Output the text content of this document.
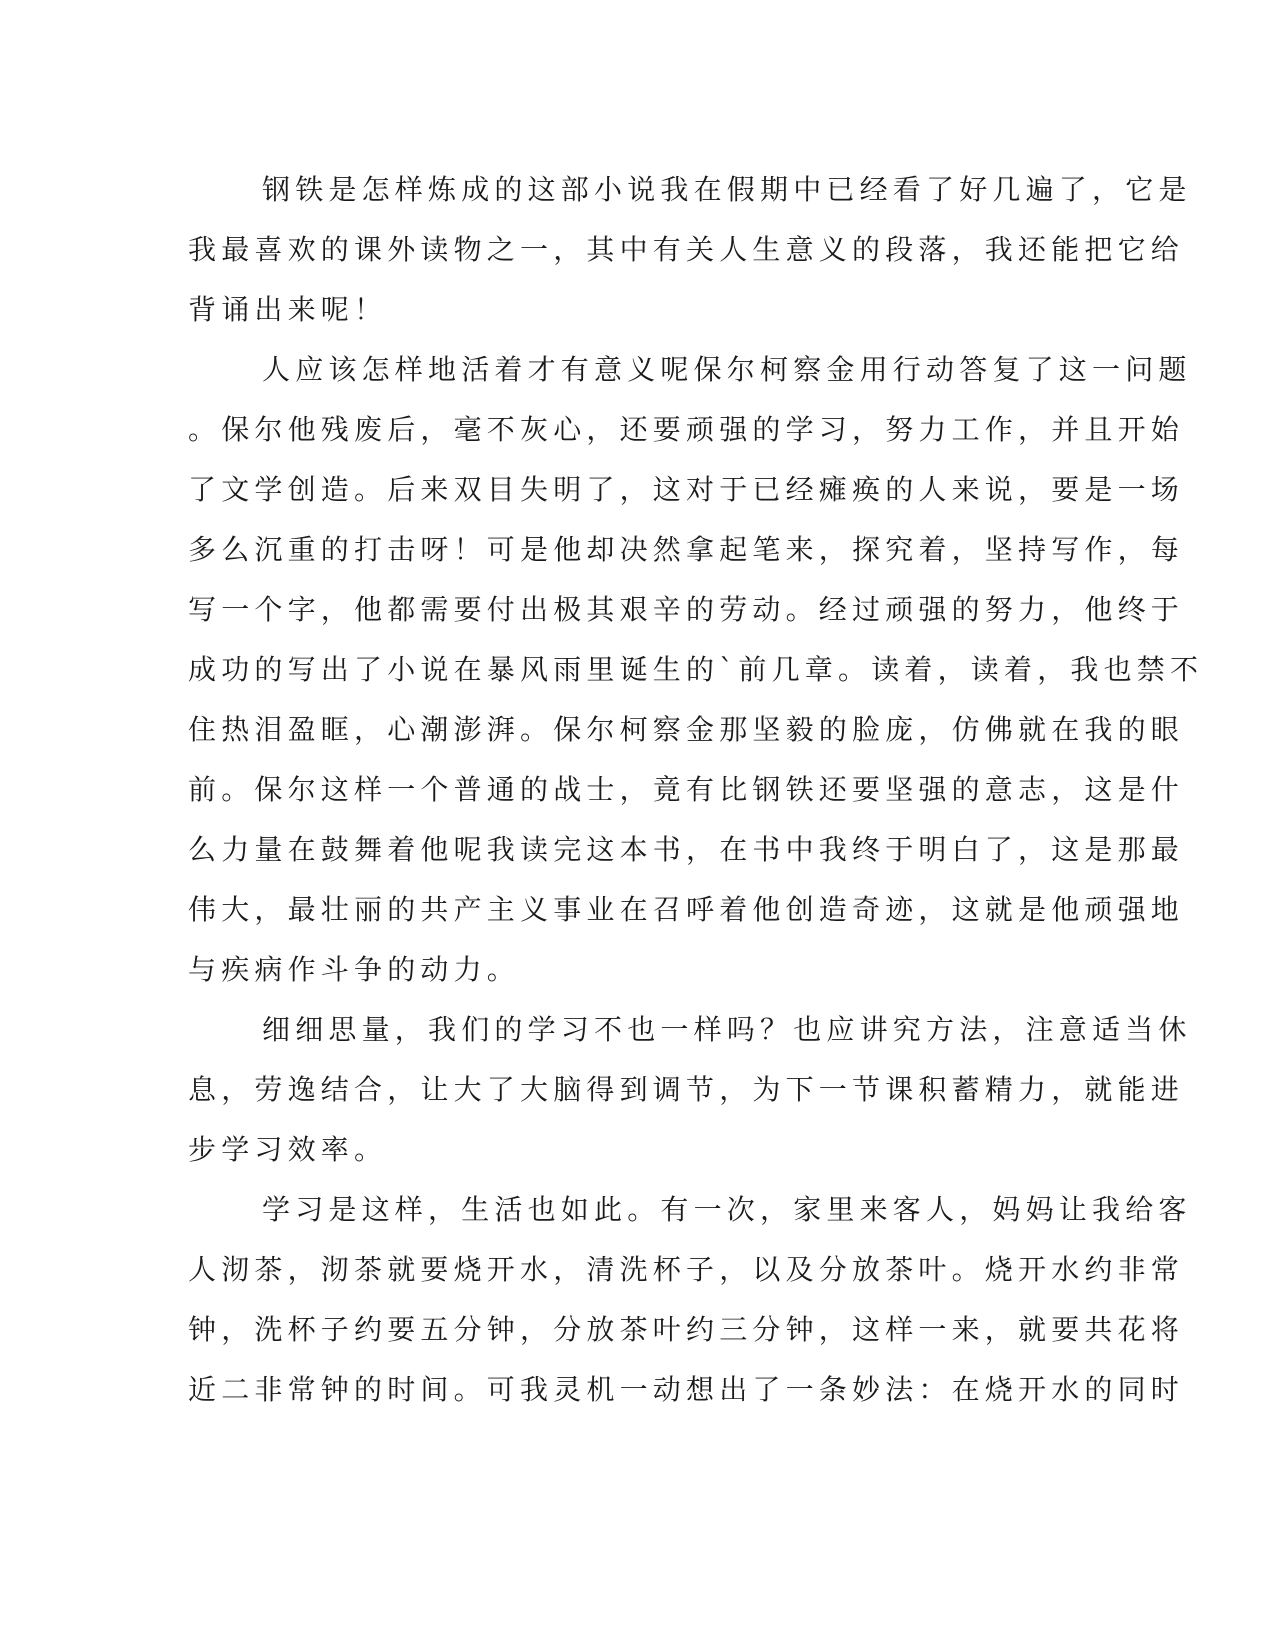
钢铁是怎样炼成的这部小说我在假期中已经看了好几遍了，它是
我最喜欢的课外读物之一，其中有关人生意义的段落，我还能把它给
背诵出来呢！
人应该怎样地活着才有意义呢保尔柯察金用行动答复了这一问题
。保尔他残废后，毫不灰心，还要顽强的学习，努力工作，并且开始
了文学创造。后来双目失明了，这对于已经瘫痪的人来说，要是一场
多么沉重的打击呀！可是他却决然拿起笔来，探究着，坚持写作，每
写一个字，他都需要付出极其艰辛的劳动。经过顽强的努力，他终于
成功的写出了小说在暴风雨里诞生的`前几章。读着，读着，我也禁不
住热泪盈眶，心潮澎湃。保尔柯察金那坚毅的脸庞，仿佛就在我的眼
前。保尔这样一个普通的战士，竟有比钢铁还要坚强的意志，这是什
么力量在鼓舞着他呢我读完这本书，在书中我终于明白了，这是那最
伟大，最壮丽的共产主义事业在召呼着他创造奇迹，这就是他顽强地
与疾病作斗争的动力。
细细思量，我们的学习不也一样吗？也应讲究方法，注意适当休
息，劳逸结合，让大了大脑得到调节，为下一节课积蓄精力，就能进
步学习效率。
学习是这样，生活也如此。有一次，家里来客人，妈妈让我给客
人沏茶，沏茶就要烧开水，清洗杯子，以及分放茶叶。烧开水约非常
钟，洗杯子约要五分钟，分放茶叶约三分钟，这样一来，就要共花将
近二非常钟的时间。可我灵机一动想出了一条妙法：在烧开水的同时
